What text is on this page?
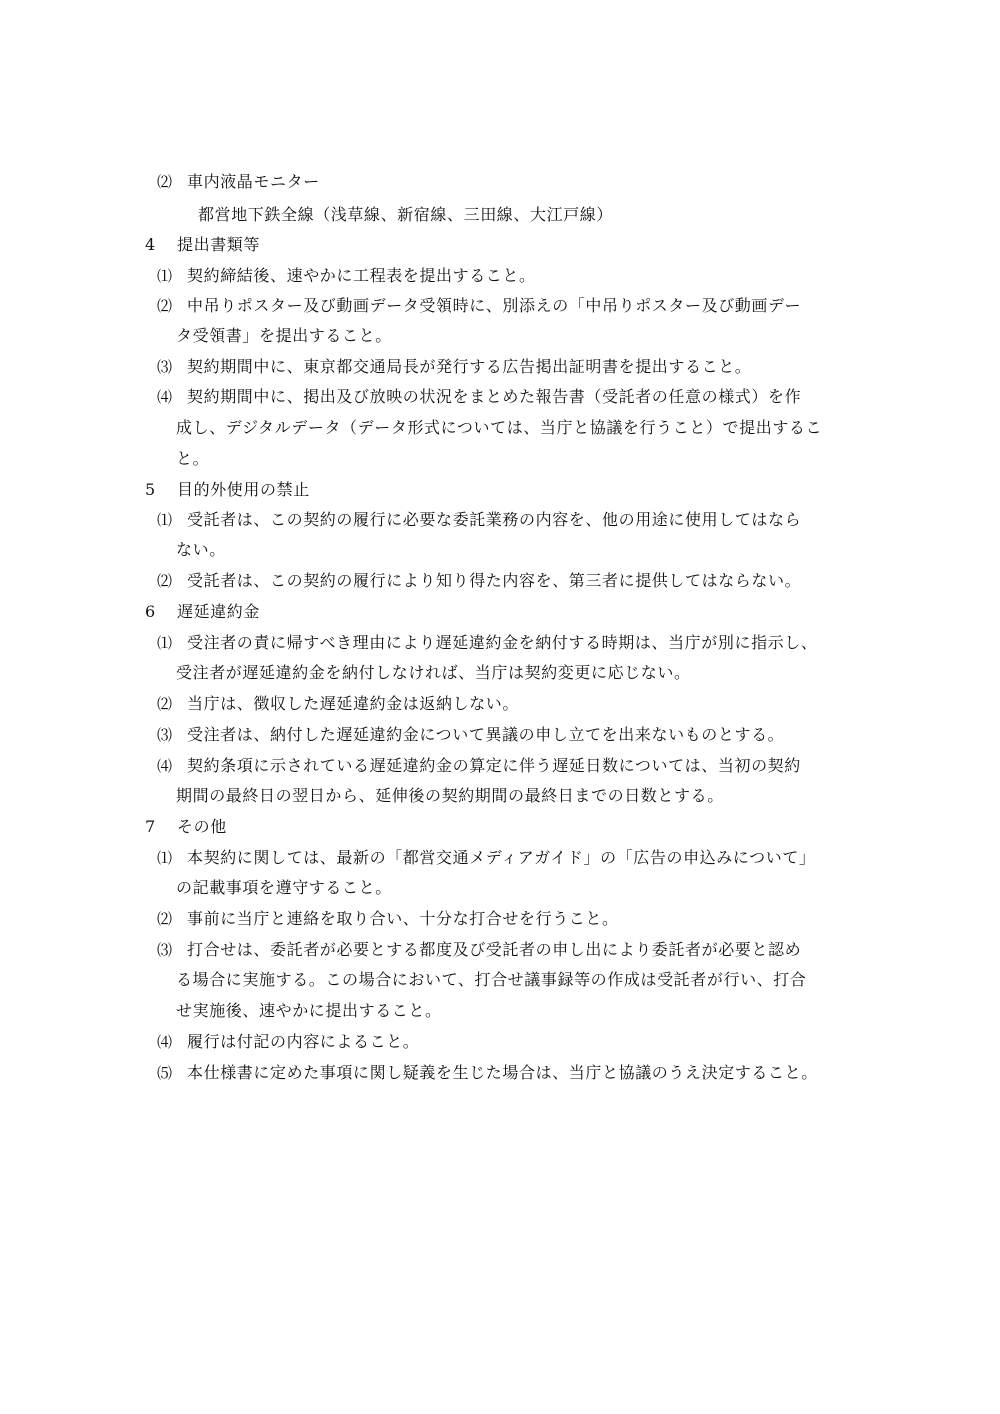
⑵ 車内液晶モニター
都営地下鉄全線（浅草線、新宿線、三田線、大江戸線）
4 提出書類等
⑴ 契約締結後、速やかに工程表を提出すること。
⑵ 中吊りポスター及び動画データ受領時に、別添えの「中吊りポスター及び動画デー
タ受領書」を提出すること。
⑶ 契約期間中に、東京都交通局長が発行する広告掲出証明書を提出すること。
⑷ 契約期間中に、掲出及び放映の状況をまとめた報告書（受託者の任意の様式）を作
成し、デジタルデータ（データ形式については、当庁と協議を行うこと）で提出するこ
と。
5 目的外使用の禁止
⑴ 受託者は、この契約の履行に必要な委託業務の内容を、他の用途に使用してはなら
ない。
⑵ 受託者は、この契約の履行により知り得た内容を、第三者に提供してはならない。
6 遅延違約金
⑴ 受注者の責に帰すべき理由により遅延違約金を納付する時期は、当庁が別に指示し、
受注者が遅延違約金を納付しなければ、当庁は契約変更に応じない。
⑵ 当庁は、徴収した遅延違約金は返納しない。
⑶ 受注者は、納付した遅延違約金について異議の申し立てを出来ないものとする。
⑷ 契約条項に示されている遅延違約金の算定に伴う遅延日数については、当初の契約
期間の最終日の翌日から、延伸後の契約期間の最終日までの日数とする。
7 その他
⑴ 本契約に関しては、最新の「都営交通メディアガイド」の「広告の申込みについて」
の記載事項を遵守すること。
⑵ 事前に当庁と連絡を取り合い、十分な打合せを行うこと。
⑶ 打合せは、委託者が必要とする都度及び受託者の申し出により委託者が必要と認め
る場合に実施する。この場合において、打合せ議事録等の作成は受託者が行い、打合
せ実施後、速やかに提出すること。
⑷ 履行は付記の内容によること。
⑸ 本仕様書に定めた事項に関し疑義を生じた場合は、当庁と協議のうえ決定すること。
